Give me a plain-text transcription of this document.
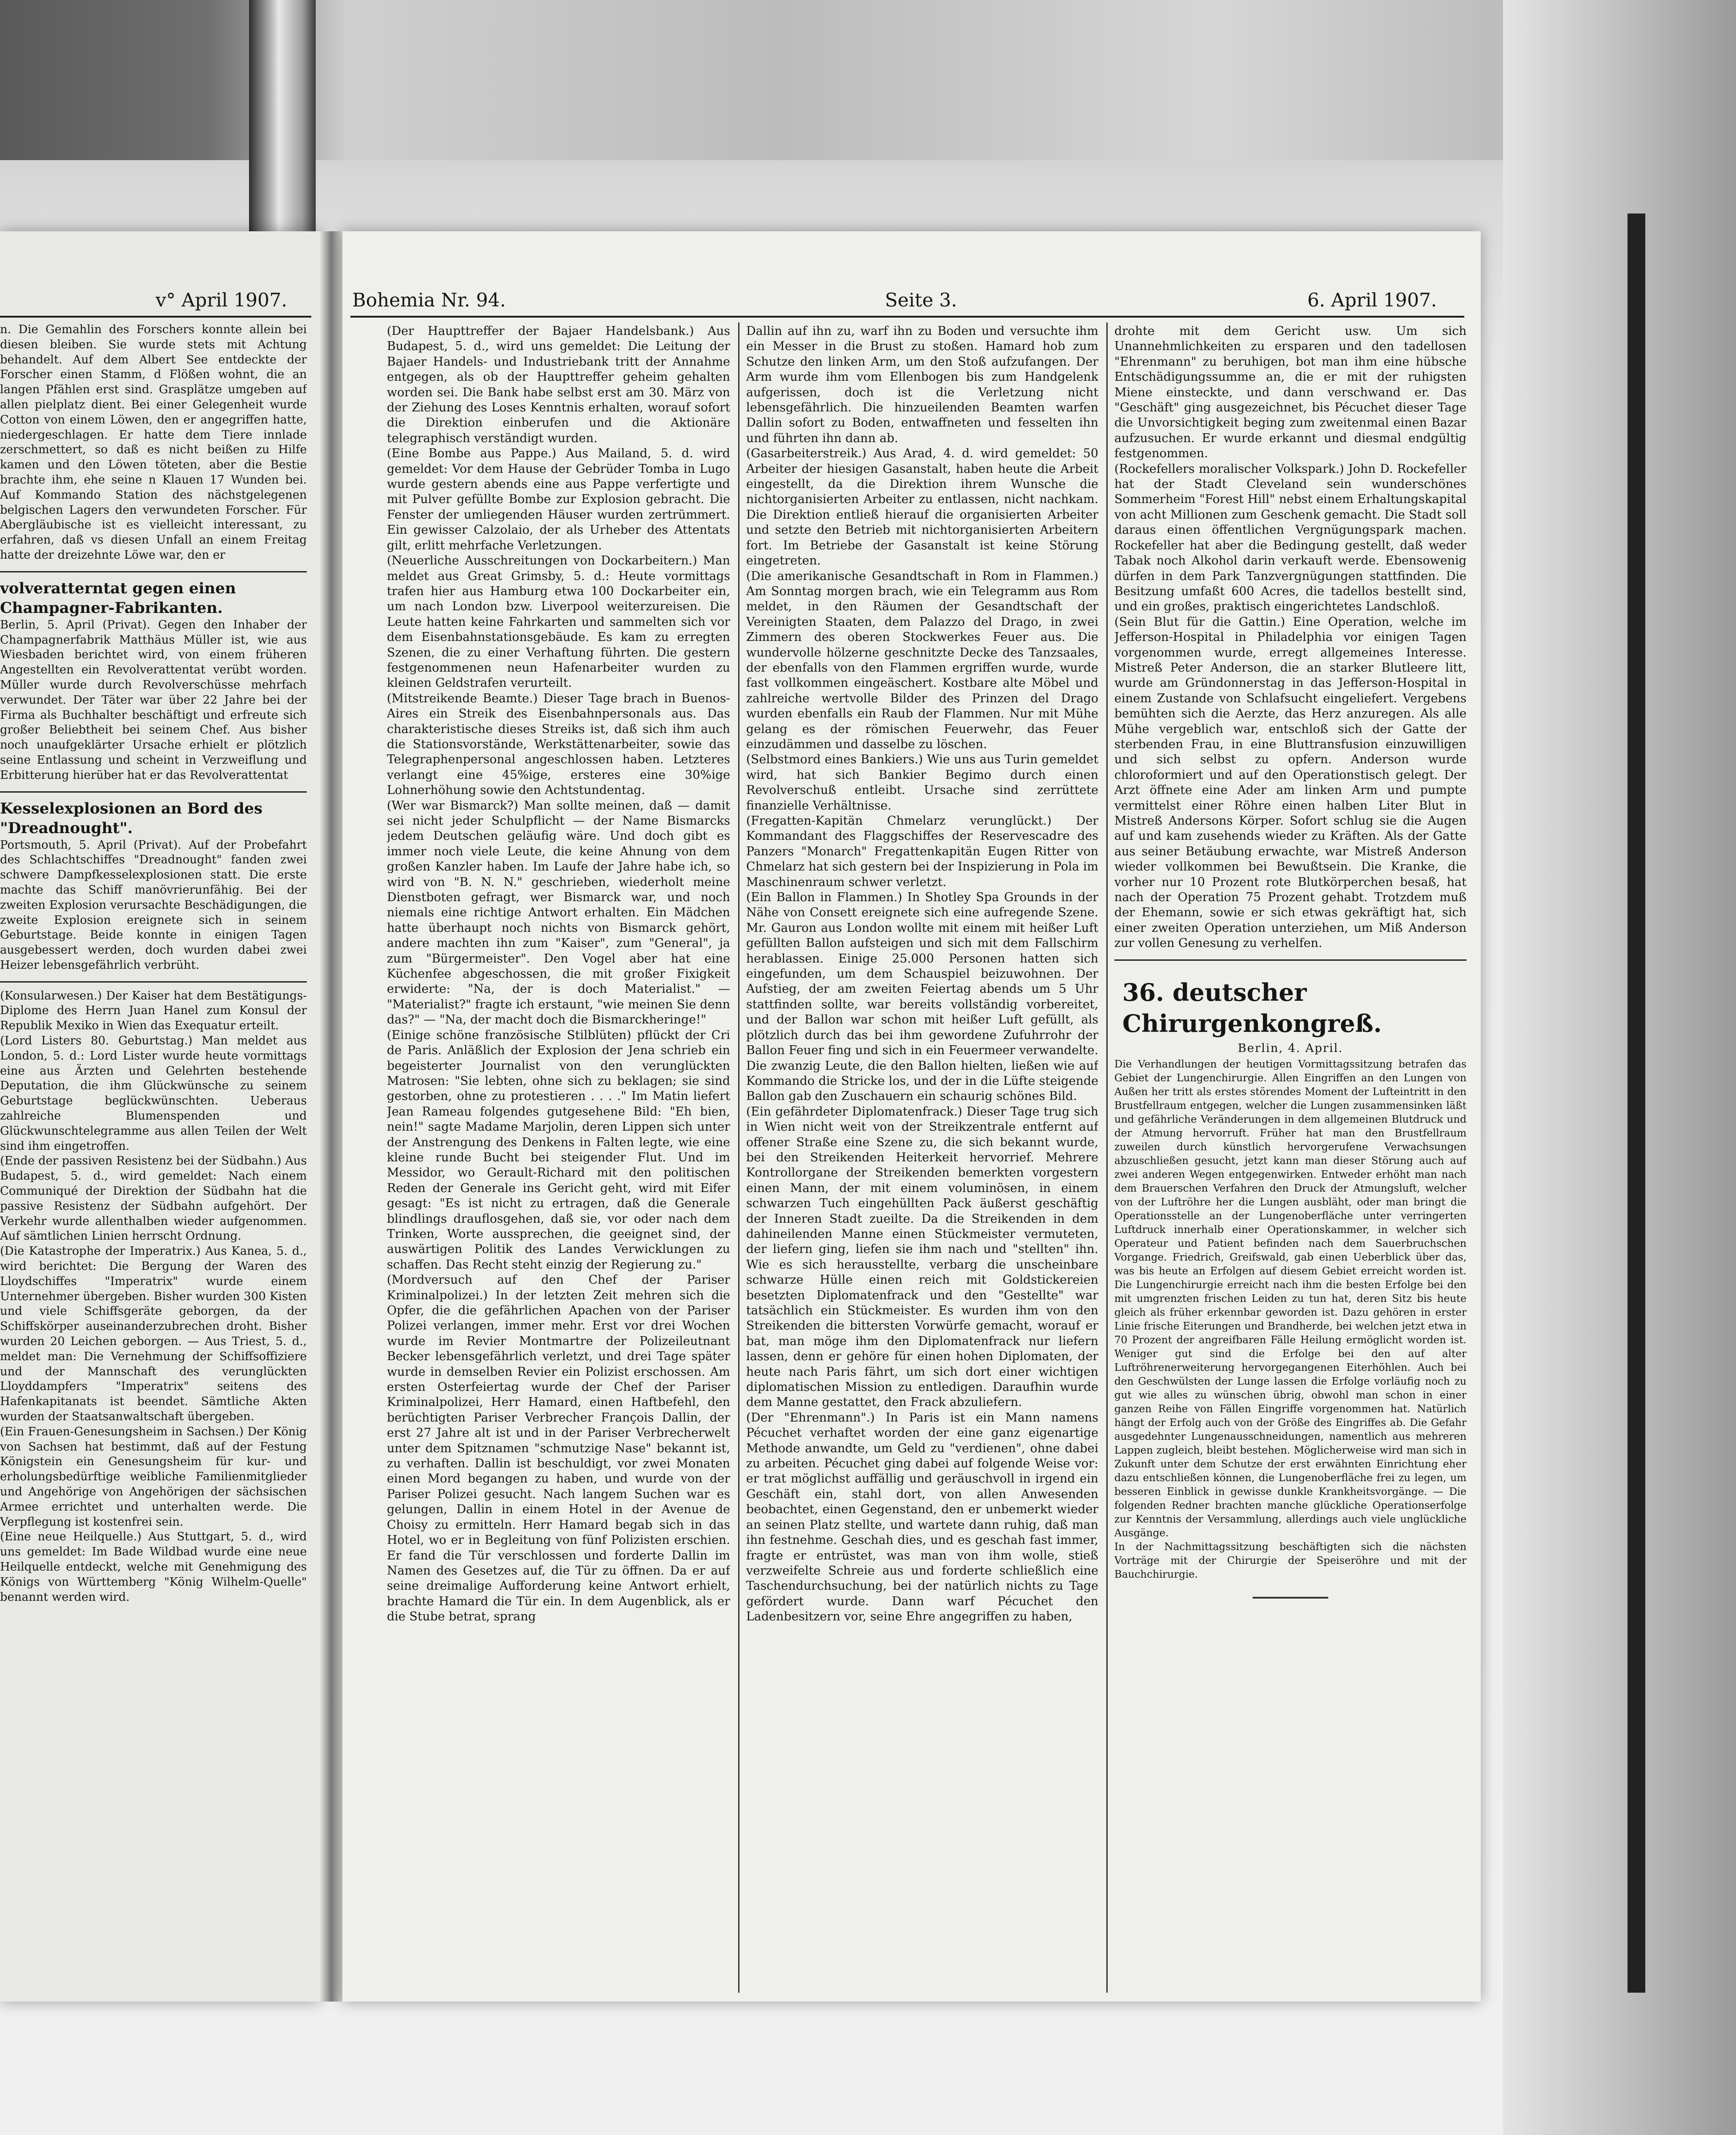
v° April 1907.

n. Die Gemahlin des Forschers konnte allein bei diesen bleiben. Sie wurde stets mit Achtung behandelt. Auf dem Albert See entdeckte der Forscher einen Stamm, d Flößen wohnt, die an langen Pfählen erst sind. Grasplätze umgeben auf allen pielplatz dient. Bei einer Gelegenheit wurde Cotton von einem Löwen, den er angegriffen hatte, niedergeschlagen. Er hatte dem Tiere innlade zerschmettert, so daß es nicht beißen zu Hilfe kamen und den Löwen töteten, aber die Bestie brachte ihm, ehe seine n Klauen 17 Wunden bei. Auf Kommando Station des nächstgelegenen belgischen Lagers den verwundeten Forscher. Für Abergläubische ist es vielleicht interessant, zu erfahren, daß vs diesen Unfall an einem Freitag hatte der dreizehnte Löwe war, den er

volveratterntat gegen einen Champagner-Fabrikanten.

Berlin, 5. April (Privat). Gegen den Inhaber der Champagnerfabrik Matthäus Müller ist, wie aus Wiesbaden berichtet wird, von einem früheren Angestellten ein Revolverattentat verübt worden. Müller wurde durch Revolverschüsse mehrfach verwundet. Der Täter war über 22 Jahre bei der Firma als Buchhalter beschäftigt und erfreute sich großer Beliebtheit bei seinem Chef. Aus bisher noch unaufgeklärter Ursache erhielt er plötzlich seine Entlassung und scheint in Verzweiflung und Erbitterung hierüber hat er das Revolverattentat

Kesselexplosionen an Bord des "Dreadnought".

Portsmouth, 5. April (Privat). Auf der Probefahrt des Schlachtschiffes "Dreadnought" fanden zwei schwere Dampfkesselexplosionen statt. Die erste machte das Schiff manövrierunfähig. Bei der zweiten Explosion verursachte Beschädigungen, die zweite Explosion ereignete sich in seinem Geburtstage. Beide konnte in einigen Tagen ausgebessert werden, doch wurden dabei zwei Heizer lebensgefährlich verbrüht.

(Konsularwesen.) Der Kaiser hat dem Bestätigungs-Diplome des Herrn Juan Hanel zum Konsul der Republik Mexiko in Wien das Exequatur erteilt.

(Lord Listers 80. Geburtstag.) Man meldet aus London, 5. d.: Lord Lister wurde heute vormittags eine aus Ärzten und Gelehrten bestehende Deputation, die ihm Glückwünsche zu seinem Geburtstage beglückwünschten. Ueberaus zahlreiche Blumenspenden und Glückwunschtelegramme aus allen Teilen der Welt sind ihm eingetroffen.

(Ende der passiven Resistenz bei der Südbahn.) Aus Budapest, 5. d., wird gemeldet: Nach einem Communiqué der Direktion der Südbahn hat die passive Resistenz der Südbahn aufgehört. Der Verkehr wurde allenthalben wieder aufgenommen. Auf sämtlichen Linien herrscht Ordnung.

(Die Katastrophe der Imperatrix.) Aus Kanea, 5. d., wird berichtet: Die Bergung der Waren des Lloydschiffes "Imperatrix" wurde einem Unternehmer übergeben. Bisher wurden 300 Kisten und viele Schiffsgeräte geborgen, da der Schiffskörper auseinanderzubrechen droht. Bisher wurden 20 Leichen geborgen. — Aus Triest, 5. d., meldet man: Die Vernehmung der Schiffsoffiziere und der Mannschaft des verunglückten Lloyddampfers "Imperatrix" seitens des Hafenkapitanats ist beendet. Sämtliche Akten wurden der Staatsanwaltschaft übergeben.

(Ein Frauen-Genesungsheim in Sachsen.) Der König von Sachsen hat bestimmt, daß auf der Festung Königstein ein Genesungsheim für kur- und erholungsbedürftige weibliche Familienmitglieder und Angehörige von Angehörigen der sächsischen Armee errichtet und unterhalten werde. Die Verpflegung ist kostenfrei sein.

(Eine neue Heilquelle.) Aus Stuttgart, 5. d., wird uns gemeldet: Im Bade Wildbad wurde eine neue Heilquelle entdeckt, welche mit Genehmigung des Königs von Württemberg "König Wilhelm-Quelle" benannt werden wird.

Bohemia Nr. 94.	Seite 3.	6. April 1907.

(Der Haupttreffer der Bajaer Handelsbank.) Aus Budapest, 5. d., wird uns gemeldet: Die Leitung der Bajaer Handels- und Industriebank tritt der Annahme entgegen, als ob der Haupttreffer geheim gehalten worden sei. Die Bank habe selbst erst am 30. März von der Ziehung des Loses Kenntnis erhalten, worauf sofort die Direktion einberufen und die Aktionäre telegraphisch verständigt wurden.

(Eine Bombe aus Pappe.) Aus Mailand, 5. d. wird gemeldet: Vor dem Hause der Gebrüder Tomba in Lugo wurde gestern abends eine aus Pappe verfertigte und mit Pulver gefüllte Bombe zur Explosion gebracht. Die Fenster der umliegenden Häuser wurden zertrümmert. Ein gewisser Calzolaio, der als Urheber des Attentats gilt, erlitt mehrfache Verletzungen.

(Neuerliche Ausschreitungen von Dockarbeitern.) Man meldet aus Great Grimsby, 5. d.: Heute vormittags trafen hier aus Hamburg etwa 100 Dockarbeiter ein, um nach London bzw. Liverpool weiterzureisen. Die Leute hatten keine Fahrkarten und sammelten sich vor dem Eisenbahnstationsgebäude. Es kam zu erregten Szenen, die zu einer Verhaftung führten. Die gestern festgenommenen neun Hafenarbeiter wurden zu kleinen Geldstrafen verurteilt.

(Mitstreikende Beamte.) Dieser Tage brach in Buenos-Aires ein Streik des Eisenbahnpersonals aus. Das charakteristische dieses Streiks ist, daß sich ihm auch die Stationsvorstände, Werkstättenarbeiter, sowie das Telegraphenpersonal angeschlossen haben. Letzteres verlangt eine 45%ige, ersteres eine 30%ige Lohnerhöhung sowie den Achtstundentag.

(Wer war Bismarck?) Man sollte meinen, daß — damit sei nicht jeder Schulpflicht — der Name Bismarcks jedem Deutschen geläufig wäre. Und doch gibt es immer noch viele Leute, die keine Ahnung von dem großen Kanzler haben. Im Laufe der Jahre habe ich, so wird von "B. N. N." geschrieben, wiederholt meine Dienstboten gefragt, wer Bismarck war, und noch niemals eine richtige Antwort erhalten. Ein Mädchen hatte überhaupt noch nichts von Bismarck gehört, andere machten ihn zum "Kaiser", zum "General", ja zum "Bürgermeister". Den Vogel aber hat eine Küchenfee abgeschossen, die mit großer Fixigkeit erwiderte: "Na, der is doch Materialist." — "Materialist?" fragte ich erstaunt, "wie meinen Sie denn das?" — "Na, der macht doch die Bismarckheringe!"

(Einige schöne französische Stilblüten) pflückt der Cri de Paris. Anläßlich der Explosion der Jena schrieb ein begeisterter Journalist von den verunglückten Matrosen: "Sie lebten, ohne sich zu beklagen; sie sind gestorben, ohne zu protestieren . . . ." Im Matin liefert Jean Rameau folgendes gutgesehene Bild: "Eh bien, nein!" sagte Madame Marjolin, deren Lippen sich unter der Anstrengung des Denkens in Falten legte, wie eine kleine runde Bucht bei steigender Flut. Und im Messidor, wo Gerault-Richard mit den politischen Reden der Generale ins Gericht geht, wird mit Eifer gesagt: "Es ist nicht zu ertragen, daß die Generale blindlings drauflosgehen, daß sie, vor oder nach dem Trinken, Worte aussprechen, die geeignet sind, der auswärtigen Politik des Landes Verwicklungen zu schaffen. Das Recht steht einzig der Regierung zu."

(Mordversuch auf den Chef der Pariser Kriminalpolizei.) In der letzten Zeit mehren sich die Opfer, die die gefährlichen Apachen von der Pariser Polizei verlangen, immer mehr. Erst vor drei Wochen wurde im Revier Montmartre der Polizeileutnant Becker lebensgefährlich verletzt, und drei Tage später wurde in demselben Revier ein Polizist erschossen. Am ersten Osterfeiertag wurde der Chef der Pariser Kriminalpolizei, Herr Hamard, einen Haftbefehl, den berüchtigten Pariser Verbrecher François Dallin, der erst 27 Jahre alt ist und in der Pariser Verbrecherwelt unter dem Spitznamen "schmutzige Nase" bekannt ist, zu verhaften. Dallin ist beschuldigt, vor zwei Monaten einen Mord begangen zu haben, und wurde von der Pariser Polizei gesucht. Nach langem Suchen war es gelungen, Dallin in einem Hotel in der Avenue de Choisy zu ermitteln. Herr Hamard begab sich in das Hotel, wo er in Begleitung von fünf Polizisten erschien. Er fand die Tür verschlossen und forderte Dallin im Namen des Gesetzes auf, die Tür zu öffnen. Da er auf seine dreimalige Aufforderung keine Antwort erhielt, brachte Hamard die Tür ein. In dem Augenblick, als er die Stube betrat, sprang

Dallin auf ihn zu, warf ihn zu Boden und versuchte ihm ein Messer in die Brust zu stoßen. Hamard hob zum Schutze den linken Arm, um den Stoß aufzufangen. Der Arm wurde ihm vom Ellenbogen bis zum Handgelenk aufgerissen, doch ist die Verletzung nicht lebensgefährlich. Die hinzueilenden Beamten warfen Dallin sofort zu Boden, entwaffneten und fesselten ihn und führten ihn dann ab.

(Gasarbeiterstreik.) Aus Arad, 4. d. wird gemeldet: 50 Arbeiter der hiesigen Gasanstalt, haben heute die Arbeit eingestellt, da die Direktion ihrem Wunsche die nichtorganisierten Arbeiter zu entlassen, nicht nachkam. Die Direktion entließ hierauf die organisierten Arbeiter und setzte den Betrieb mit nichtorganisierten Arbeitern fort. Im Betriebe der Gasanstalt ist keine Störung eingetreten.

(Die amerikanische Gesandtschaft in Rom in Flammen.) Am Sonntag morgen brach, wie ein Telegramm aus Rom meldet, in den Räumen der Gesandtschaft der Vereinigten Staaten, dem Palazzo del Drago, in zwei Zimmern des oberen Stockwerkes Feuer aus. Die wundervolle hölzerne geschnitzte Decke des Tanzsaales, der ebenfalls von den Flammen ergriffen wurde, wurde fast vollkommen eingeäschert. Kostbare alte Möbel und zahlreiche wertvolle Bilder des Prinzen del Drago wurden ebenfalls ein Raub der Flammen. Nur mit Mühe gelang es der römischen Feuerwehr, das Feuer einzudämmen und dasselbe zu löschen.

(Selbstmord eines Bankiers.) Wie uns aus Turin gemeldet wird, hat sich Bankier Begimo durch einen Revolverschuß entleibt. Ursache sind zerrüttete finanzielle Verhältnisse.

(Fregatten-Kapitän Chmelarz verunglückt.) Der Kommandant des Flaggschiffes der Reservescadre des Panzers "Monarch" Fregattenkapitän Eugen Ritter von Chmelarz hat sich gestern bei der Inspizierung in Pola im Maschinenraum schwer verletzt.

(Ein Ballon in Flammen.) In Shotley Spa Grounds in der Nähe von Consett ereignete sich eine aufregende Szene. Mr. Gauron aus London wollte mit einem mit heißer Luft gefüllten Ballon aufsteigen und sich mit dem Fallschirm herablassen. Einige 25.000 Personen hatten sich eingefunden, um dem Schauspiel beizuwohnen. Der Aufstieg, der am zweiten Feiertag abends um 5 Uhr stattfinden sollte, war bereits vollständig vorbereitet, und der Ballon war schon mit heißer Luft gefüllt, als plötzlich durch das bei ihm gewordene Zufuhrrohr der Ballon Feuer fing und sich in ein Feuermeer verwandelte. Die zwanzig Leute, die den Ballon hielten, ließen wie auf Kommando die Stricke los, und der in die Lüfte steigende Ballon gab den Zuschauern ein schaurig schönes Bild.

(Ein gefährdeter Diplomatenfrack.) Dieser Tage trug sich in Wien nicht weit von der Streikzentrale entfernt auf offener Straße eine Szene zu, die sich bekannt wurde, bei den Streikenden Heiterkeit hervorrief. Mehrere Kontrollorgane der Streikenden bemerkten vorgestern einen Mann, der mit einem voluminösen, in einem schwarzen Tuch eingehüllten Pack äußerst geschäftig der Inneren Stadt zueilte. Da die Streikenden in dem dahineilenden Manne einen Stückmeister vermuteten, der liefern ging, liefen sie ihm nach und "stellten" ihn. Wie es sich herausstellte, verbarg die unscheinbare schwarze Hülle einen reich mit Goldstickereien besetzten Diplomatenfrack und den "Gestellte" war tatsächlich ein Stückmeister. Es wurden ihm von den Streikenden die bittersten Vorwürfe gemacht, worauf er bat, man möge ihm den Diplomatenfrack nur liefern lassen, denn er gehöre für einen hohen Diplomaten, der heute nach Paris fährt, um sich dort einer wichtigen diplomatischen Mission zu entledigen. Daraufhin wurde dem Manne gestattet, den Frack abzuliefern.

(Der "Ehrenmann".) In Paris ist ein Mann namens Pécuchet verhaftet worden der eine ganz eigenartige Methode anwandte, um Geld zu "verdienen", ohne dabei zu arbeiten. Pécuchet ging dabei auf folgende Weise vor: er trat möglichst auffällig und geräuschvoll in irgend ein Geschäft ein, stahl dort, von allen Anwesenden beobachtet, einen Gegenstand, den er unbemerkt wieder an seinen Platz stellte, und wartete dann ruhig, daß man ihn festnehme. Geschah dies, und es geschah fast immer, fragte er entrüstet, was man von ihm wolle, stieß verzweifelte Schreie aus und forderte schließlich eine Taschendurchsuchung, bei der natürlich nichts zu Tage gefördert wurde. Dann warf Pécuchet den Ladenbesitzern vor, seine Ehre angegriffen zu haben,

drohte mit dem Gericht usw. Um sich Unannehmlichkeiten zu ersparen und den tadellosen "Ehrenmann" zu beruhigen, bot man ihm eine hübsche Entschädigungssumme an, die er mit der ruhigsten Miene einsteckte, und dann verschwand er. Das "Geschäft" ging ausgezeichnet, bis Pécuchet dieser Tage die Unvorsichtigkeit beging zum zweitenmal einen Bazar aufzusuchen. Er wurde erkannt und diesmal endgültig festgenommen.

(Rockefellers moralischer Volkspark.) John D. Rockefeller hat der Stadt Cleveland sein wunderschönes Sommerheim "Forest Hill" nebst einem Erhaltungskapital von acht Millionen zum Geschenk gemacht. Die Stadt soll daraus einen öffentlichen Vergnügungspark machen. Rockefeller hat aber die Bedingung gestellt, daß weder Tabak noch Alkohol darin verkauft werde. Ebensowenig dürfen in dem Park Tanzvergnügungen stattfinden. Die Besitzung umfaßt 600 Acres, die tadellos bestellt sind, und ein großes, praktisch eingerichtetes Landschloß.

(Sein Blut für die Gattin.) Eine Operation, welche im Jefferson-Hospital in Philadelphia vor einigen Tagen vorgenommen wurde, erregt allgemeines Interesse. Mistreß Peter Anderson, die an starker Blutleere litt, wurde am Gründonnerstag in das Jefferson-Hospital in einem Zustande von Schlafsucht eingeliefert. Vergebens bemühten sich die Aerzte, das Herz anzuregen. Als alle Mühe vergeblich war, entschloß sich der Gatte der sterbenden Frau, in eine Bluttransfusion einzuwilligen und sich selbst zu opfern. Anderson wurde chloroformiert und auf den Operationstisch gelegt. Der Arzt öffnete eine Ader am linken Arm und pumpte vermittelst einer Röhre einen halben Liter Blut in Mistreß Andersons Körper. Sofort schlug sie die Augen auf und kam zusehends wieder zu Kräften. Als der Gatte aus seiner Betäubung erwachte, war Mistreß Anderson wieder vollkommen bei Bewußtsein. Die Kranke, die vorher nur 10 Prozent rote Blutkörperchen besaß, hat nach der Operation 75 Prozent gehabt. Trotzdem muß der Ehemann, sowie er sich etwas gekräftigt hat, sich einer zweiten Operation unterziehen, um Miß Anderson zur vollen Genesung zu verhelfen.

36. deutscher Chirurgenkongreß.
Berlin, 4. April.

Die Verhandlungen der heutigen Vormittagssitzung betrafen das Gebiet der Lungenchirurgie. Allen Eingriffen an den Lungen von Außen her tritt als erstes störendes Moment der Lufteintritt in den Brustfellraum entgegen, welcher die Lungen zusammensinken läßt und gefährliche Veränderungen in dem allgemeinen Blutdruck und der Atmung hervorruft. Früher hat man den Brustfellraum zuweilen durch künstlich hervorgerufene Verwachsungen abzuschließen gesucht, jetzt kann man dieser Störung auch auf zwei anderen Wegen entgegenwirken. Entweder erhöht man nach dem Brauerschen Verfahren den Druck der Atmungsluft, welcher von der Luftröhre her die Lungen ausbläht, oder man bringt die Operationsstelle an der Lungenoberfläche unter verringerten Luftdruck innerhalb einer Operationskammer, in welcher sich Operateur und Patient befinden nach dem Sauerbruchschen Vorgange. Friedrich, Greifswald, gab einen Ueberblick über das, was bis heute an Erfolgen auf diesem Gebiet erreicht worden ist. Die Lungenchirurgie erreicht nach ihm die besten Erfolge bei den mit umgrenzten frischen Leiden zu tun hat, deren Sitz bis heute gleich als früher erkennbar geworden ist. Dazu gehören in erster Linie frische Eiterungen und Brandherde, bei welchen jetzt etwa in 70 Prozent der angreifbaren Fälle Heilung ermöglicht worden ist. Weniger gut sind die Erfolge bei den auf alter Luftröhrenerweiterung hervorgegangenen Eiterhöhlen. Auch bei den Geschwülsten der Lunge lassen die Erfolge vorläufig noch zu gut wie alles zu wünschen übrig, obwohl man schon in einer ganzen Reihe von Fällen Eingriffe vorgenommen hat. Natürlich hängt der Erfolg auch von der Größe des Eingriffes ab. Die Gefahr ausgedehnter Lungenausschneidungen, namentlich aus mehreren Lappen zugleich, bleibt bestehen. Möglicherweise wird man sich in Zukunft unter dem Schutze der erst erwähnten Einrichtung eher dazu entschließen können, die Lungenoberfläche frei zu legen, um besseren Einblick in gewisse dunkle Krankheitsvorgänge. — Die folgenden Redner brachten manche glückliche Operationserfolge zur Kenntnis der Versammlung, allerdings auch viele unglückliche Ausgänge.

In der Nachmittagssitzung beschäftigten sich die nächsten Vorträge mit der Chirurgie der Speiseröhre und mit der Bauchchirurgie.
